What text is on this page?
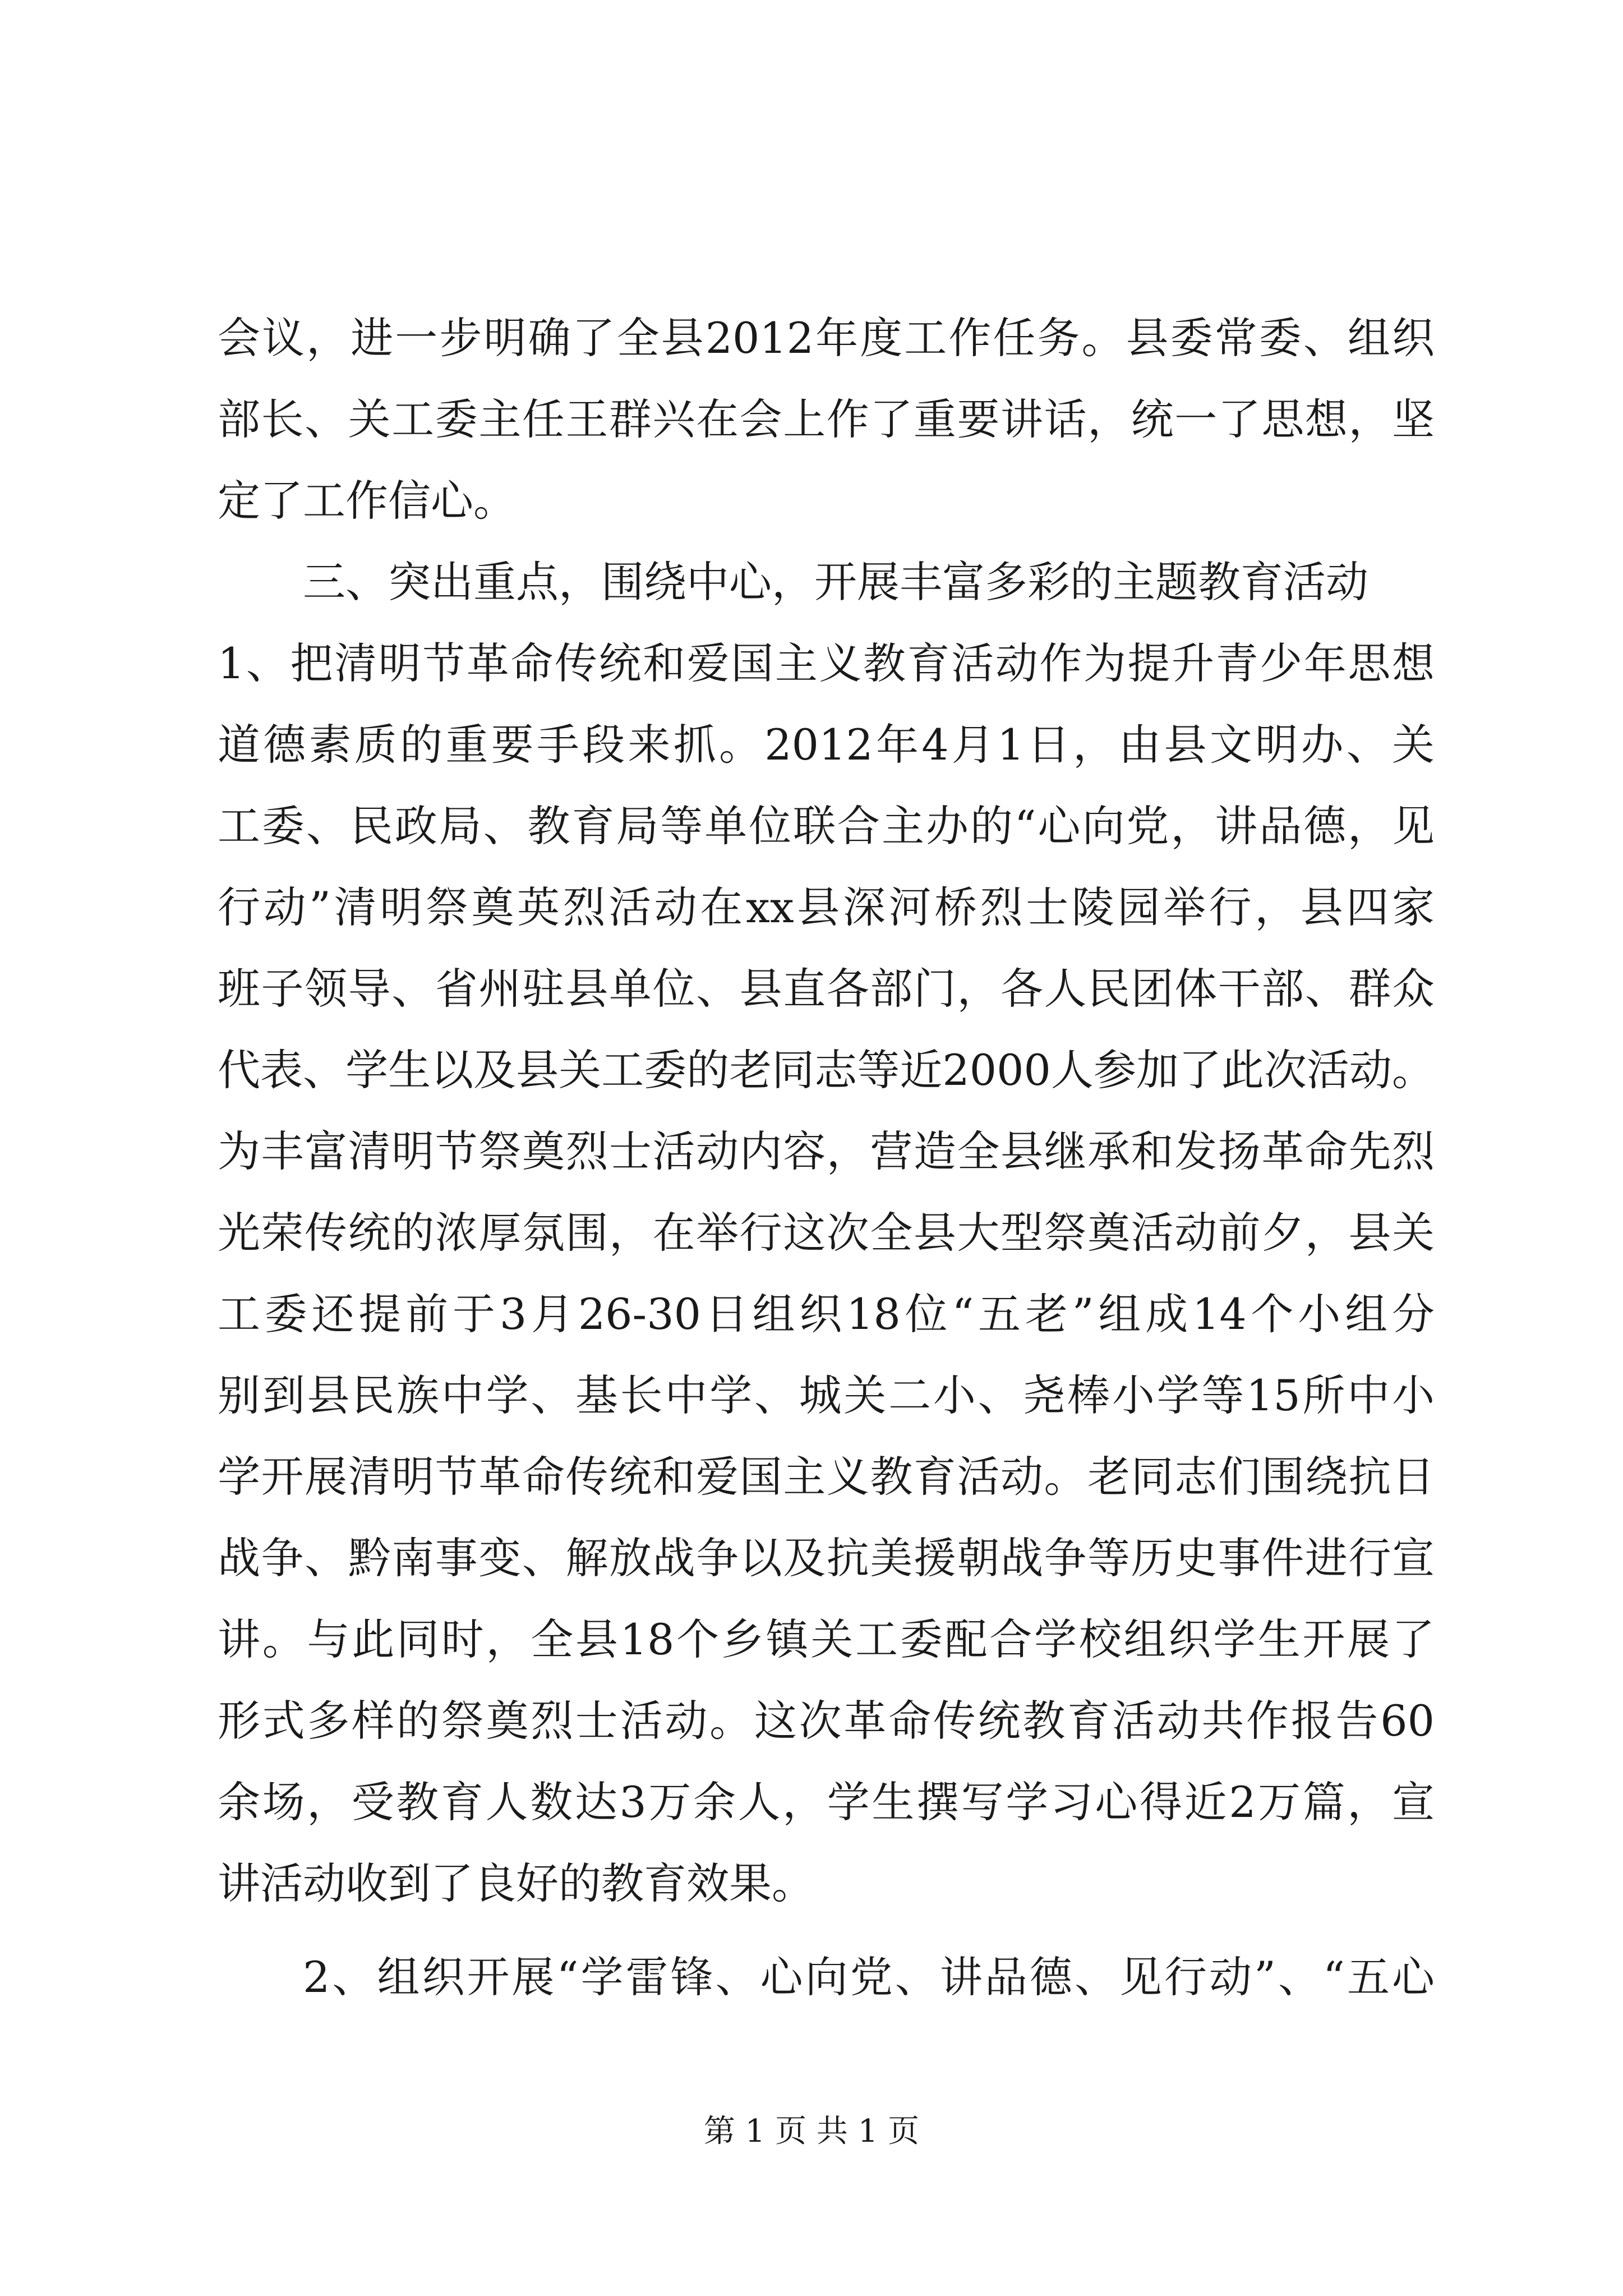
会议，进一步明确了全县2012年度工作任务。县委常委、组织
部长、关工委主任王群兴在会上作了重要讲话，统一了思想，坚
定了工作信心。
三、突出重点，围绕中心，开展丰富多彩的主题教育活动
1、把清明节革命传统和爱国主义教育活动作为提升青少年思想
道德素质的重要手段来抓。2012年4月1日，由县文明办、关
工委、民政局、教育局等单位联合主办的“心向党，讲品德，见
行动”清明祭奠英烈活动在xx县深河桥烈士陵园举行，县四家
班子领导、省州驻县单位、县直各部门，各人民团体干部、群众
代表、学生以及县关工委的老同志等近2000人参加了此次活动。
为丰富清明节祭奠烈士活动内容，营造全县继承和发扬革命先烈
光荣传统的浓厚氛围，在举行这次全县大型祭奠活动前夕，县关
工委还提前于3月26-30日组织18位“五老”组成14个小组分
别到县民族中学、基长中学、城关二小、尧棒小学等15所中小
学开展清明节革命传统和爱国主义教育活动。老同志们围绕抗日
战争、黔南事变、解放战争以及抗美援朝战争等历史事件进行宣
讲。与此同时，全县18个乡镇关工委配合学校组织学生开展了
形式多样的祭奠烈士活动。这次革命传统教育活动共作报告60
余场，受教育人数达3万余人，学生撰写学习心得近2万篇，宣
讲活动收到了良好的教育效果。
2、组织开展“学雷锋、心向党、讲品德、见行动”、“五心
第 1 页 共 1 页
